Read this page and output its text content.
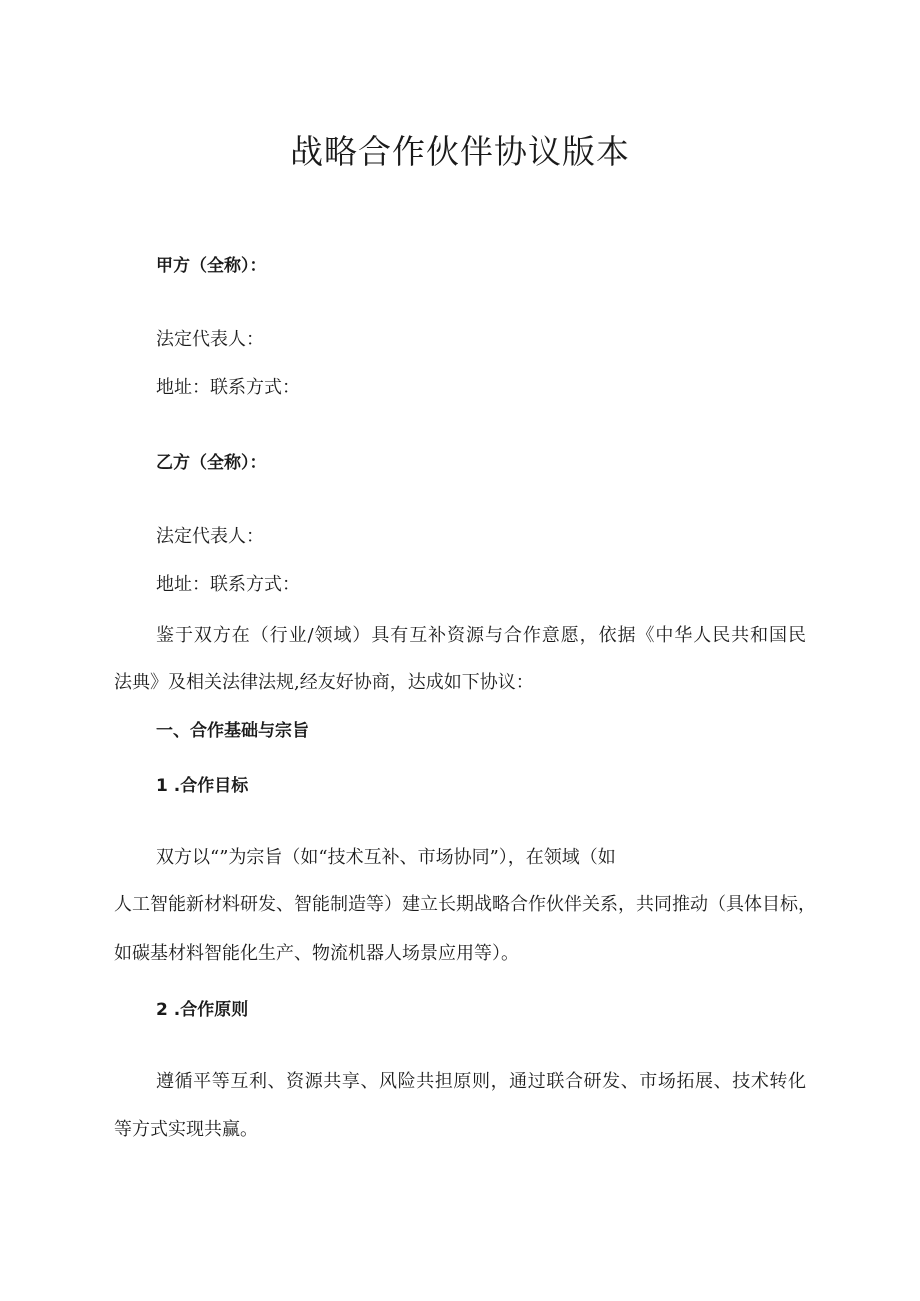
战略合作伙伴协议版本

甲方（全称）：

法定代表人：

地址：联系方式：

乙方（全称）：

法定代表人：

地址：联系方式：

鉴于双方在（行业/领域）具有互补资源与合作意愿，依据《中华人民共和国民

法典》及相关法律法规,经友好协商，达成如下协议：

一、合作基础与宗旨

1 .合作目标

双方以“”为宗旨（如“技术互补、市场协同”），在领域（如

人工智能新材料研发、智能制造等）建立长期战略合作伙伴关系，共同推动（具体目标，

如碳基材料智能化生产、物流机器人场景应用等）。

2 .合作原则

遵循平等互利、资源共享、风险共担原则，通过联合研发、市场拓展、技术转化

等方式实现共赢。
